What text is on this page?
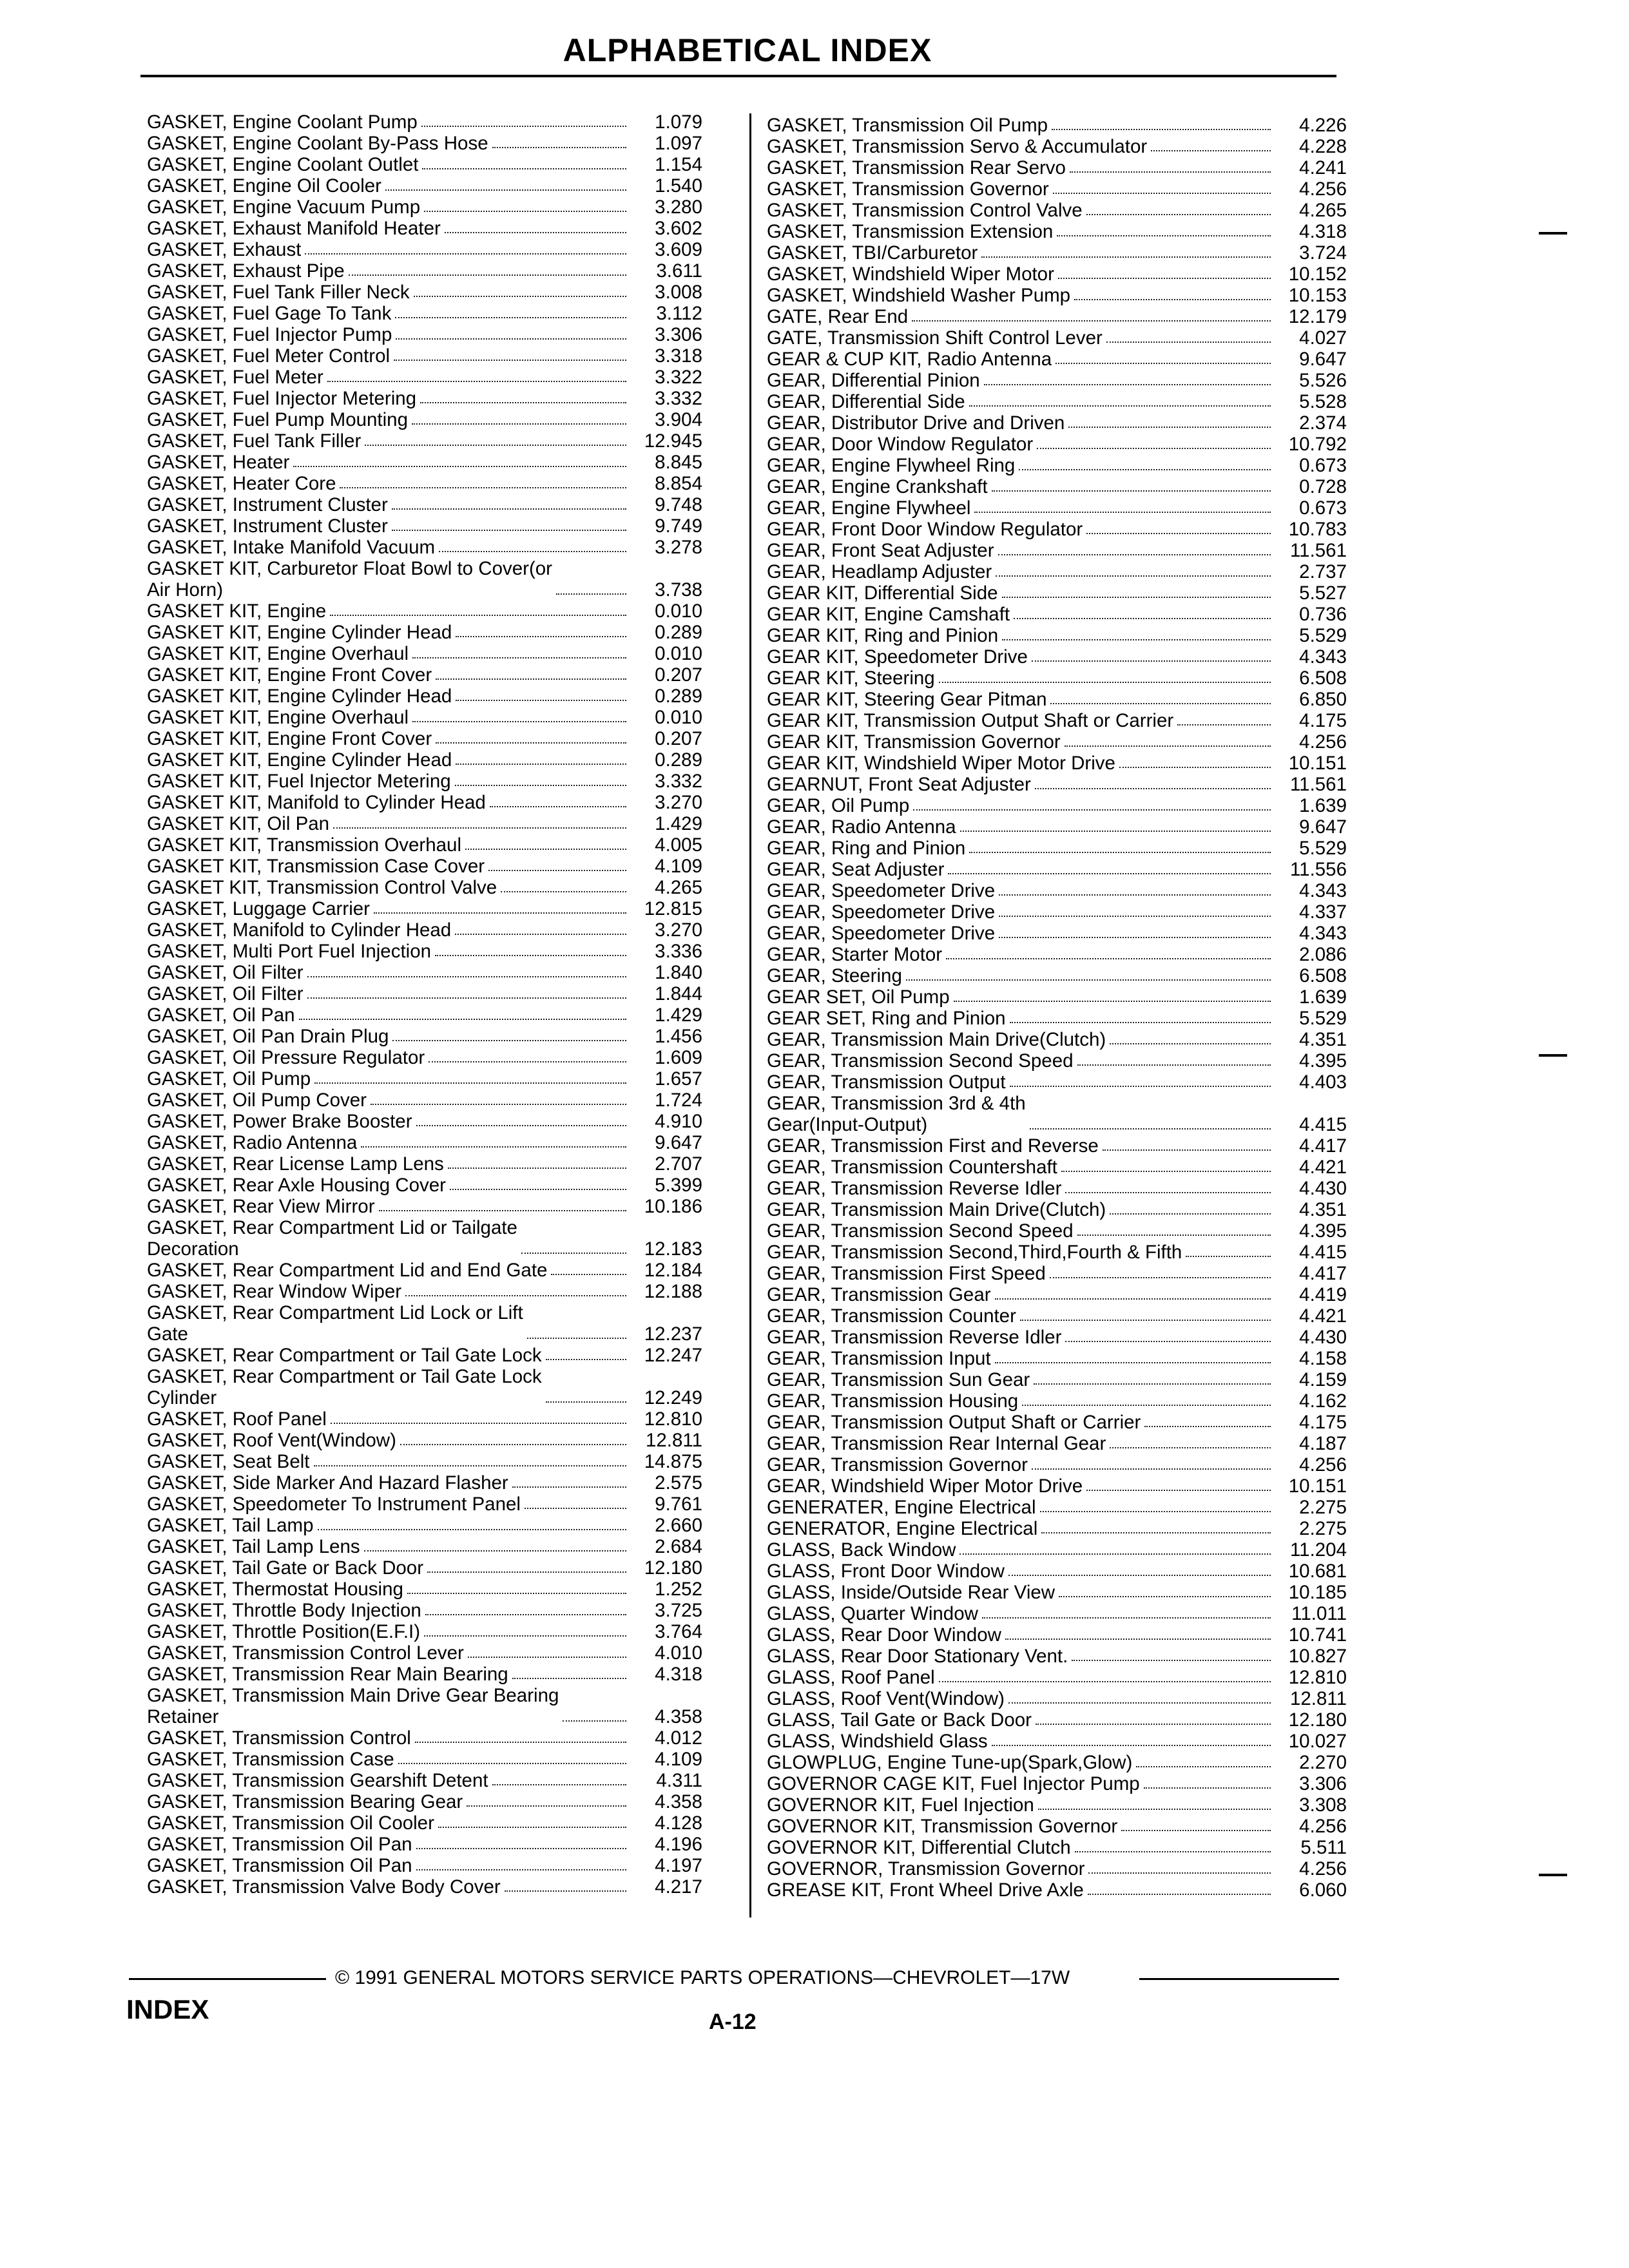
ALPHABETICAL INDEX
GASKET, Engine Coolant Pump	1.079
GASKET, Engine Coolant By-Pass Hose	1.097
GASKET, Engine Coolant Outlet	1.154
GASKET, Engine Oil Cooler	1.540
GASKET, Engine Vacuum Pump	3.280
GASKET, Exhaust Manifold Heater	3.602
GASKET, Exhaust	3.609
GASKET, Exhaust Pipe	3.611
GASKET, Fuel Tank Filler Neck	3.008
GASKET, Fuel Gage To Tank	3.112
GASKET, Fuel Injector Pump	3.306
GASKET, Fuel Meter Control	3.318
GASKET, Fuel Meter	3.322
GASKET, Fuel Injector Metering	3.332
GASKET, Fuel Pump Mounting	3.904
GASKET, Fuel Tank Filler	12.945
GASKET, Heater	8.845
GASKET, Heater Core	8.854
GASKET, Instrument Cluster	9.748
GASKET, Instrument Cluster	9.749
GASKET, Intake Manifold Vacuum	3.278
GASKET KIT, Carburetor Float Bowl to Cover(or
Air Horn)	3.738
GASKET KIT, Engine	0.010
GASKET KIT, Engine Cylinder Head	0.289
GASKET KIT, Engine Overhaul	0.010
GASKET KIT, Engine Front Cover	0.207
GASKET KIT, Engine Cylinder Head	0.289
GASKET KIT, Engine Overhaul	0.010
GASKET KIT, Engine Front Cover	0.207
GASKET KIT, Engine Cylinder Head	0.289
GASKET KIT, Fuel Injector Metering	3.332
GASKET KIT, Manifold to Cylinder Head	3.270
GASKET KIT, Oil Pan	1.429
GASKET KIT, Transmission Overhaul	4.005
GASKET KIT, Transmission Case Cover	4.109
GASKET KIT, Transmission Control Valve	4.265
GASKET, Luggage Carrier	12.815
GASKET, Manifold to Cylinder Head	3.270
GASKET, Multi Port Fuel Injection	3.336
GASKET, Oil Filter	1.840
GASKET, Oil Filter	1.844
GASKET, Oil Pan	1.429
GASKET, Oil Pan Drain Plug	1.456
GASKET, Oil Pressure Regulator	1.609
GASKET, Oil Pump	1.657
GASKET, Oil Pump Cover	1.724
GASKET, Power Brake Booster	4.910
GASKET, Radio Antenna	9.647
GASKET, Rear License Lamp Lens	2.707
GASKET, Rear Axle Housing Cover	5.399
GASKET, Rear View Mirror	10.186
GASKET, Rear Compartment Lid or Tailgate
Decoration	12.183
GASKET, Rear Compartment Lid and End Gate	12.184
GASKET, Rear Window Wiper	12.188
GASKET, Rear Compartment Lid Lock or Lift
Gate	12.237
GASKET, Rear Compartment or Tail Gate Lock	12.247
GASKET, Rear Compartment or Tail Gate Lock
Cylinder	12.249
GASKET, Roof Panel	12.810
GASKET, Roof Vent(Window)	12.811
GASKET, Seat Belt	14.875
GASKET, Side Marker And Hazard Flasher	2.575
GASKET, Speedometer To Instrument Panel	9.761
GASKET, Tail Lamp	2.660
GASKET, Tail Lamp Lens	2.684
GASKET, Tail Gate or Back Door	12.180
GASKET, Thermostat Housing	1.252
GASKET, Throttle Body Injection	3.725
GASKET, Throttle Position(E.F.I)	3.764
GASKET, Transmission Control Lever	4.010
GASKET, Transmission Rear Main Bearing	4.318
GASKET, Transmission Main Drive Gear Bearing
Retainer	4.358
GASKET, Transmission Control	4.012
GASKET, Transmission Case	4.109
GASKET, Transmission Gearshift Detent	4.311
GASKET, Transmission Bearing Gear	4.358
GASKET, Transmission Oil Cooler	4.128
GASKET, Transmission Oil Pan	4.196
GASKET, Transmission Oil Pan	4.197
GASKET, Transmission Valve Body Cover	4.217
GASKET, Transmission Oil Pump	4.226
GASKET, Transmission Servo & Accumulator	4.228
GASKET, Transmission Rear Servo	4.241
GASKET, Transmission Governor	4.256
GASKET, Transmission Control Valve	4.265
GASKET, Transmission Extension	4.318
GASKET, TBI/Carburetor	3.724
GASKET, Windshield Wiper Motor	10.152
GASKET, Windshield Washer Pump	10.153
GATE, Rear End	12.179
GATE, Transmission Shift Control Lever	4.027
GEAR & CUP KIT, Radio Antenna	9.647
GEAR, Differential Pinion	5.526
GEAR, Differential Side	5.528
GEAR, Distributor Drive and Driven	2.374
GEAR, Door Window Regulator	10.792
GEAR, Engine Flywheel Ring	0.673
GEAR, Engine Crankshaft	0.728
GEAR, Engine Flywheel	0.673
GEAR, Front Door Window Regulator	10.783
GEAR, Front Seat Adjuster	11.561
GEAR, Headlamp Adjuster	2.737
GEAR KIT, Differential Side	5.527
GEAR KIT, Engine Camshaft	0.736
GEAR KIT, Ring and Pinion	5.529
GEAR KIT, Speedometer Drive	4.343
GEAR KIT, Steering	6.508
GEAR KIT, Steering Gear Pitman	6.850
GEAR KIT, Transmission Output Shaft or Carrier	4.175
GEAR KIT, Transmission Governor	4.256
GEAR KIT, Windshield Wiper Motor Drive	10.151
GEARNUT, Front Seat Adjuster	11.561
GEAR, Oil Pump	1.639
GEAR, Radio Antenna	9.647
GEAR, Ring and Pinion	5.529
GEAR, Seat Adjuster	11.556
GEAR, Speedometer Drive	4.343
GEAR, Speedometer Drive	4.337
GEAR, Speedometer Drive	4.343
GEAR, Starter Motor	2.086
GEAR, Steering	6.508
GEAR SET, Oil Pump	1.639
GEAR SET, Ring and Pinion	5.529
GEAR, Transmission Main Drive(Clutch)	4.351
GEAR, Transmission Second Speed	4.395
GEAR, Transmission Output	4.403
GEAR, Transmission 3rd & 4th
Gear(Input-Output)	4.415
GEAR, Transmission First and Reverse	4.417
GEAR, Transmission Countershaft	4.421
GEAR, Transmission Reverse Idler	4.430
GEAR, Transmission Main Drive(Clutch)	4.351
GEAR, Transmission Second Speed	4.395
GEAR, Transmission Second,Third,Fourth & Fifth	4.415
GEAR, Transmission First Speed	4.417
GEAR, Transmission Gear	4.419
GEAR, Transmission Counter	4.421
GEAR, Transmission Reverse Idler	4.430
GEAR, Transmission Input	4.158
GEAR, Transmission Sun Gear	4.159
GEAR, Transmission Housing	4.162
GEAR, Transmission Output Shaft or Carrier	4.175
GEAR, Transmission Rear Internal Gear	4.187
GEAR, Transmission Governor	4.256
GEAR, Windshield Wiper Motor Drive	10.151
GENERATER, Engine Electrical	2.275
GENERATOR, Engine Electrical	2.275
GLASS, Back Window	11.204
GLASS, Front Door Window	10.681
GLASS, Inside/Outside Rear View	10.185
GLASS, Quarter Window	11.011
GLASS, Rear Door Window	10.741
GLASS, Rear Door Stationary Vent.	10.827
GLASS, Roof Panel	12.810
GLASS, Roof Vent(Window)	12.811
GLASS, Tail Gate or Back Door	12.180
GLASS, Windshield Glass	10.027
GLOWPLUG, Engine Tune-up(Spark,Glow)	2.270
GOVERNOR CAGE KIT, Fuel Injector Pump	3.306
GOVERNOR KIT, Fuel Injection	3.308
GOVERNOR KIT, Transmission Governor	4.256
GOVERNOR KIT, Differential Clutch	5.511
GOVERNOR, Transmission Governor	4.256
GREASE KIT, Front Wheel Drive Axle	6.060
© 1991 GENERAL MOTORS SERVICE PARTS OPERATIONS—CHEVROLET—17W
INDEX	A-12
